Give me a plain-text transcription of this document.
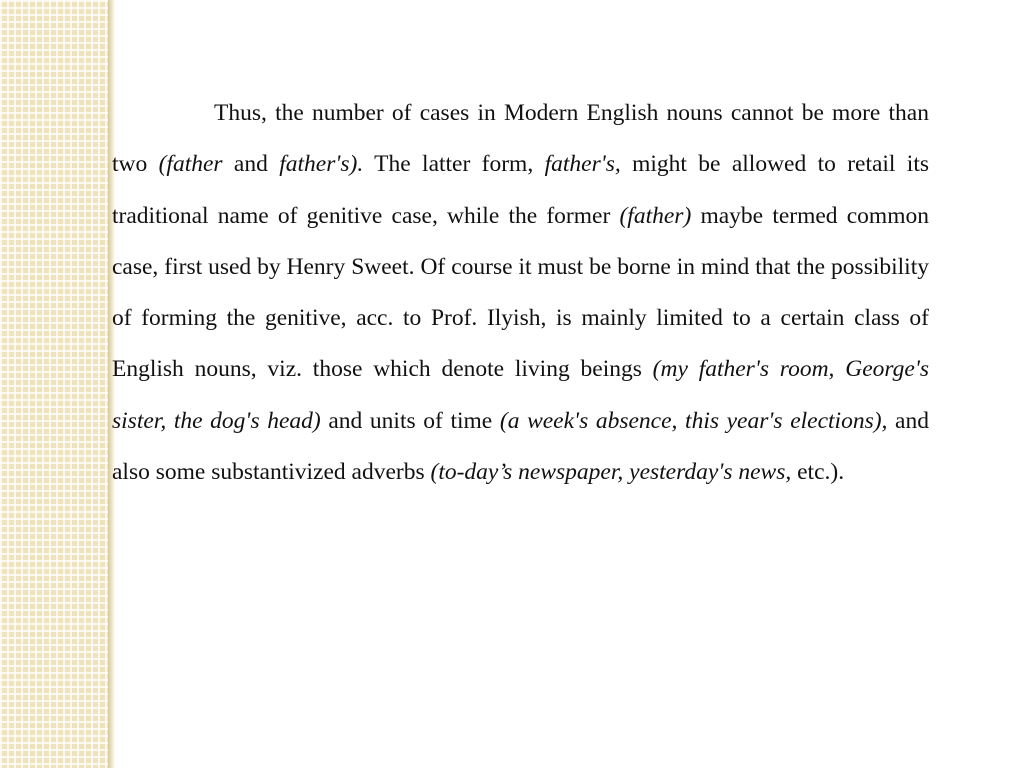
Thus, the number of cases in Modern English nouns cannot be more than two (father and father's). The latter form, father's, might be allowed to retail its traditional name of genitive case, while the former (father) maybe termed common case, first used by Henry Sweet. Of course it must be borne in mind that the possibility of forming the genitive, acc. to Prof. Ilyish, is mainly limited to a certain class of English nouns, viz. those which denote living beings (my father's room, George's sister, the dog's head) and units of time (a week's absence, this year's elections), and also some substantivized adverbs (to-day’s newspaper, yesterday's news, etc.).
